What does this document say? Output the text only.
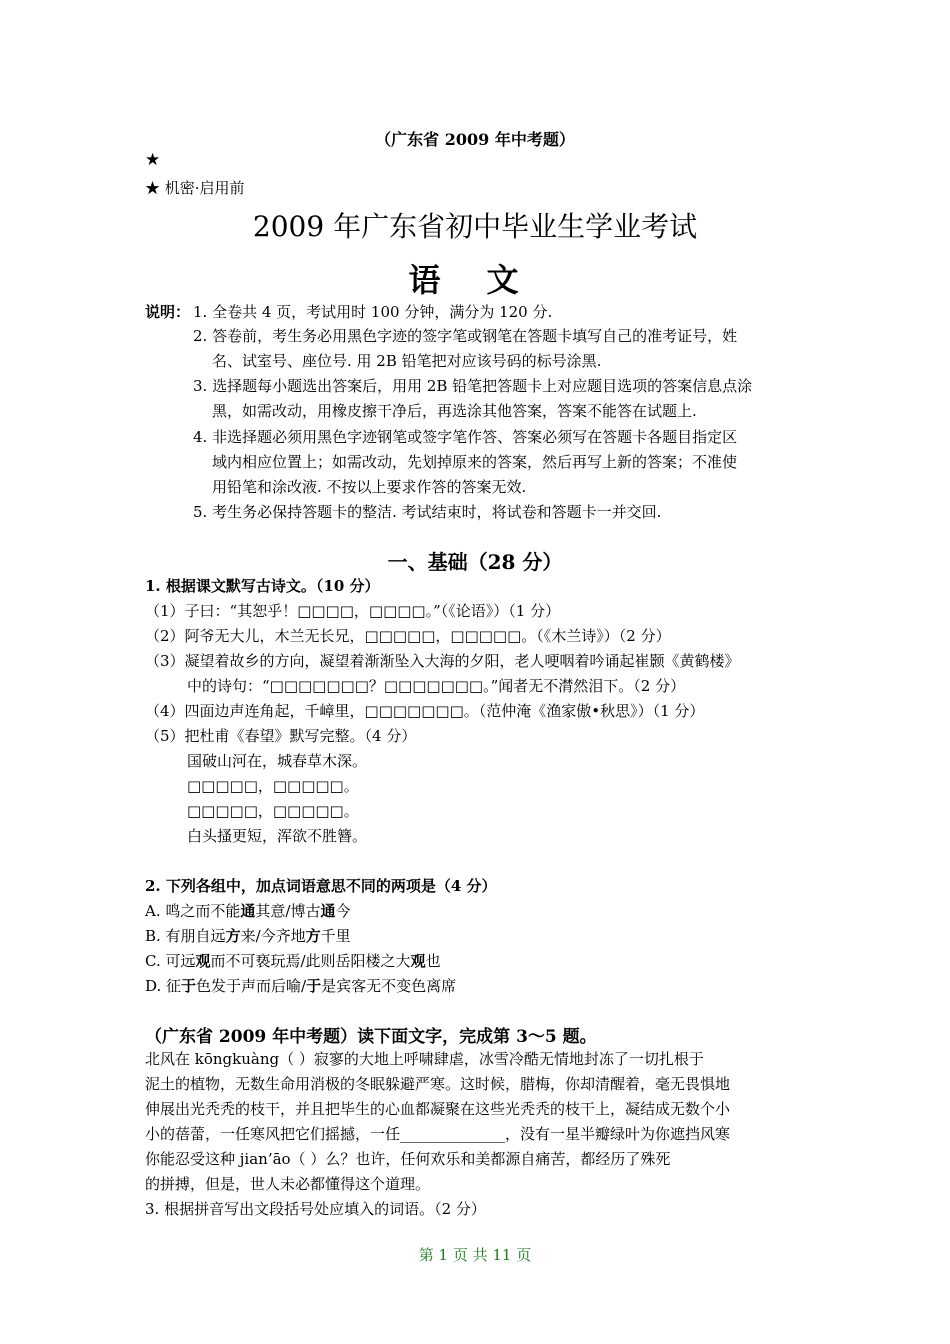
（广东省 2009 年中考题）
★
★ 机密·启用前
2009 年广东省初中毕业生学业考试
语文
说明： 1. 全卷共 4 页，考试用时 100 分钟，满分为 120 分.
2. 答卷前，考生务必用黑色字迹的签字笔或钢笔在答题卡填写自己的准考证号，姓
名、试室号、座位号. 用 2B 铅笔把对应该号码的标号涂黑.
3. 选择题每小题选出答案后，用用 2B 铅笔把答题卡上对应题目选项的答案信息点涂
黑，如需改动，用橡皮擦干净后，再选涂其他答案，答案不能答在试题上.
4. 非选择题必须用黑色字迹钢笔或签字笔作答、答案必须写在答题卡各题目指定区
域内相应位置上；如需改动，先划掉原来的答案，然后再写上新的答案；不准使
用铅笔和涂改液. 不按以上要求作答的答案无效.
5. 考生务必保持答题卡的整洁. 考试结束时，将试卷和答题卡一并交回.
一、基础（28 分）
1. 根据课文默写古诗文。（10 分）
（1）子曰：“其恕乎！□□□□，□□□□。”（《论语》）（1 分）
（2）阿爷无大儿，木兰无长兄，□□□□□，□□□□□。（《木兰诗》）（2 分）
（3）凝望着故乡的方向，凝望着渐渐坠入大海的夕阳，老人哽咽着吟诵起崔颢《黄鹤楼》
中的诗句：“□□□□□□□？□□□□□□□。”闻者无不潸然泪下。（2 分）
（4）四面边声连角起，千嶂里，□□□□□□□。（范仲淹《渔家傲•秋思》）（1 分）
（5）把杜甫《春望》默写完整。（4 分）
国破山河在，城春草木深。
□□□□□，□□□□□。
□□□□□，□□□□□。
白头搔更短，浑欲不胜簪。
2. 下列各组中，加点词语意思不同的两项是（4 分）
A. 鸣之而不能通其意/博古通今
B. 有朋自远方来/今齐地方千里
C. 可远观而不可亵玩焉/此则岳阳楼之大观也
D. 征于色发于声而后喻/于是宾客无不变色离席
（广东省 2009 年中考题）读下面文字，完成第 3～5 题。
北风在 kōngkuàng（ ）寂寥的大地上呼啸肆虐，冰雪冷酷无情地封冻了一切扎根于
泥土的植物，无数生命用消极的冬眠躲避严寒。这时候，腊梅，你却清醒着，毫无畏惧地
伸展出光秃秃的枝干，并且把毕生的心血都凝聚在这些光秃秃的枝干上，凝结成无数个小
小的蓓蕾，一任寒风把它们摇撼，一任______________，没有一星半瓣绿叶为你遮挡风寒
你能忍受这种 jian’āo（ ）么？也许，任何欢乐和美都源自痛苦，都经历了殊死
的拼搏，但是，世人未必都懂得这个道理。
3. 根据拼音写出文段括号处应填入的词语。（2 分）
第 1 页 共 11 页
